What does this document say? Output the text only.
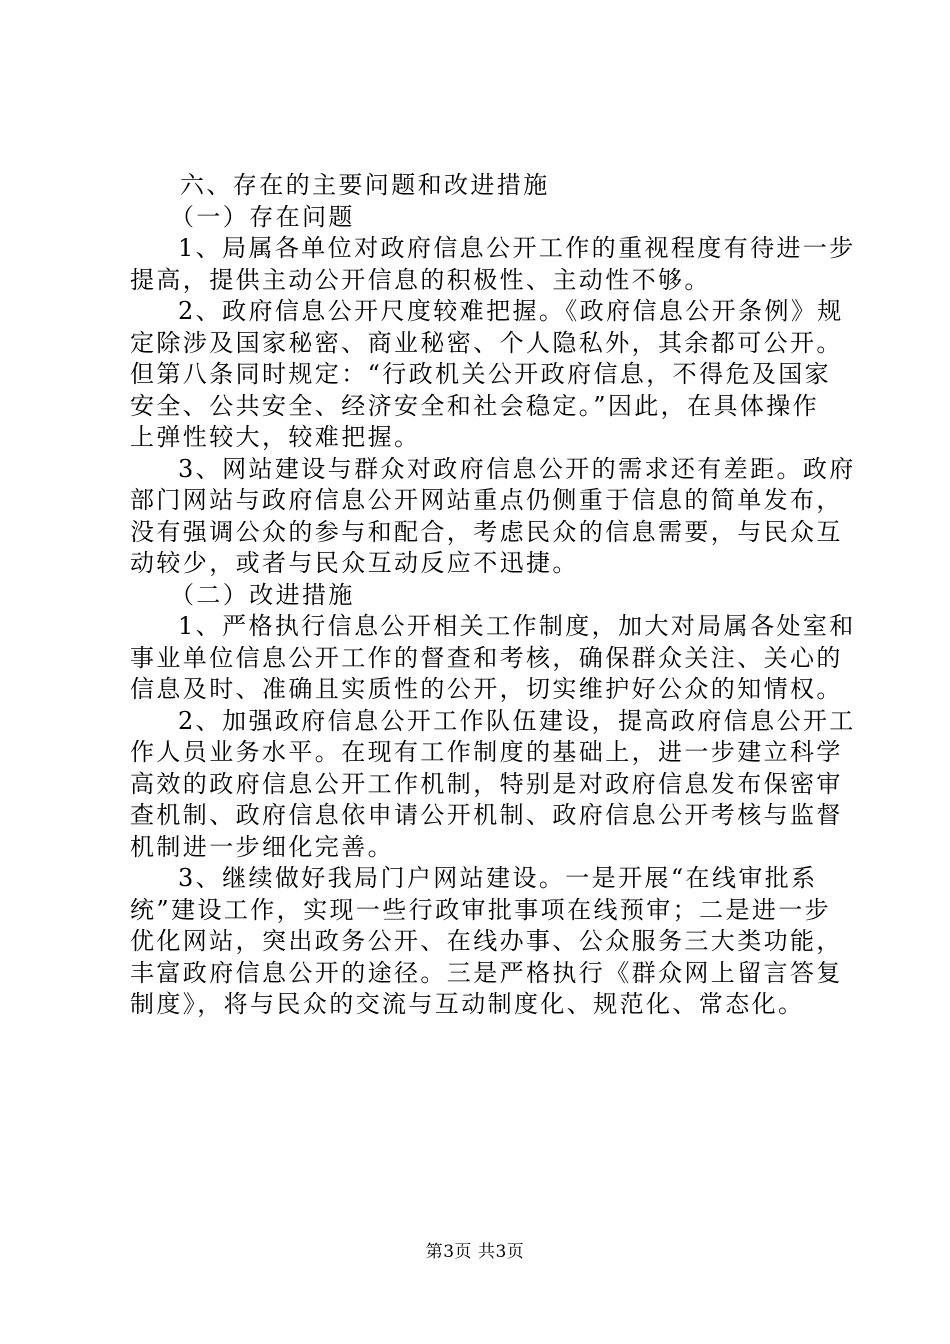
六、存在的主要问题和改进措施

（一）存在问题

1、局属各单位对政府信息公开工作的重视程度有待进一步

提高，提供主动公开信息的积极性、主动性不够。

2、政府信息公开尺度较难把握。《政府信息公开条例》规

定除涉及国家秘密、商业秘密、个人隐私外，其余都可公开。

但第八条同时规定：“行政机关公开政府信息，不得危及国家

安全、公共安全、经济安全和社会稳定。”因此，在具体操作

上弹性较大，较难把握。

3、网站建设与群众对政府信息公开的需求还有差距。政府

部门网站与政府信息公开网站重点仍侧重于信息的简单发布，

没有强调公众的参与和配合，考虑民众的信息需要，与民众互

动较少，或者与民众互动反应不迅捷。

（二）改进措施

1、严格执行信息公开相关工作制度，加大对局属各处室和

事业单位信息公开工作的督查和考核，确保群众关注、关心的

信息及时、准确且实质性的公开，切实维护好公众的知情权。

2、加强政府信息公开工作队伍建设，提高政府信息公开工

作人员业务水平。在现有工作制度的基础上，进一步建立科学

高效的政府信息公开工作机制，特别是对政府信息发布保密审

查机制、政府信息依申请公开机制、政府信息公开考核与监督

机制进一步细化完善。

3、继续做好我局门户网站建设。一是开展“在线审批系

统”建设工作，实现一些行政审批事项在线预审；二是进一步

优化网站，突出政务公开、在线办事、公众服务三大类功能，

丰富政府信息公开的途径。三是严格执行《群众网上留言答复

制度》，将与民众的交流与互动制度化、规范化、常态化。

第3页 共3页
